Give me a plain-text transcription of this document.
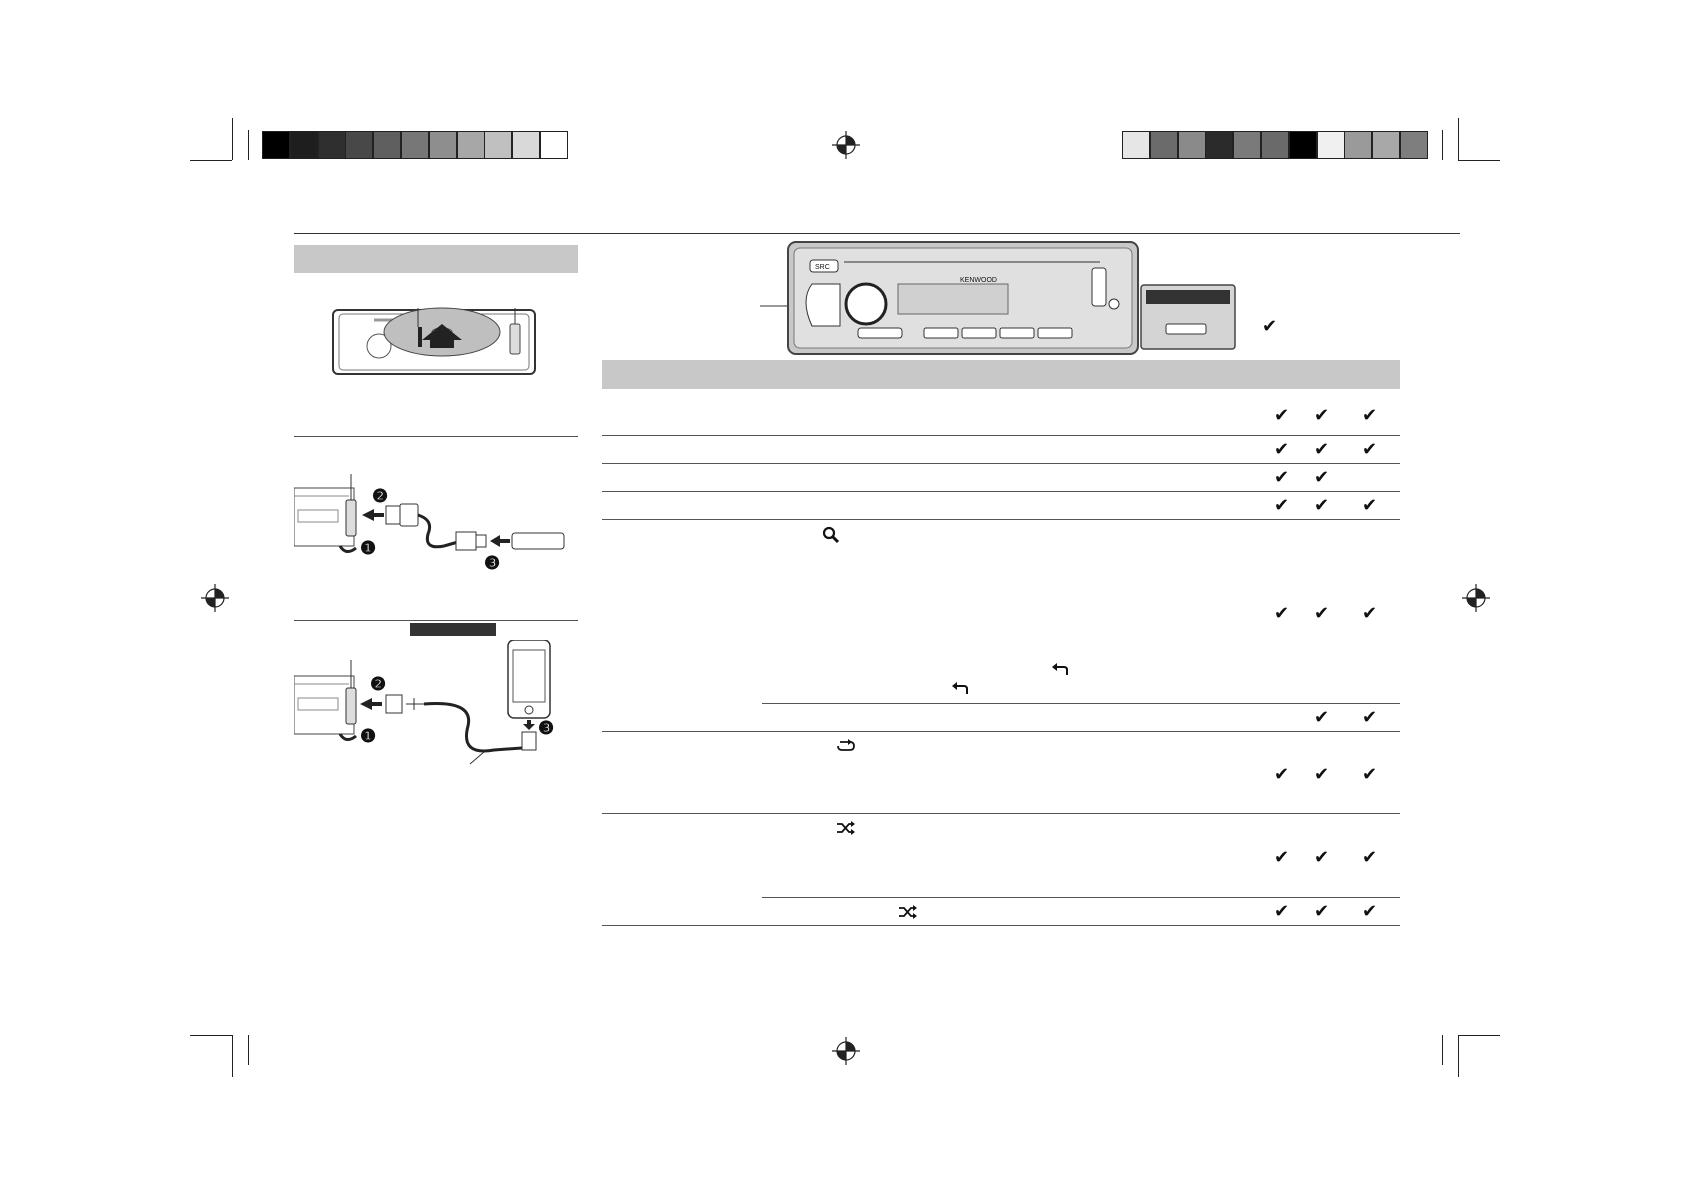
❷
❶
❸
❷
❶	❸
SRC
KENWOOD
✔
✔ ✔ ✔
✔ ✔ ✔
✔ ✔
✔ ✔ ✔
✔ ✔ ✔
✔ ✔
✔ ✔ ✔
✔ ✔ ✔
✔ ✔ ✔
